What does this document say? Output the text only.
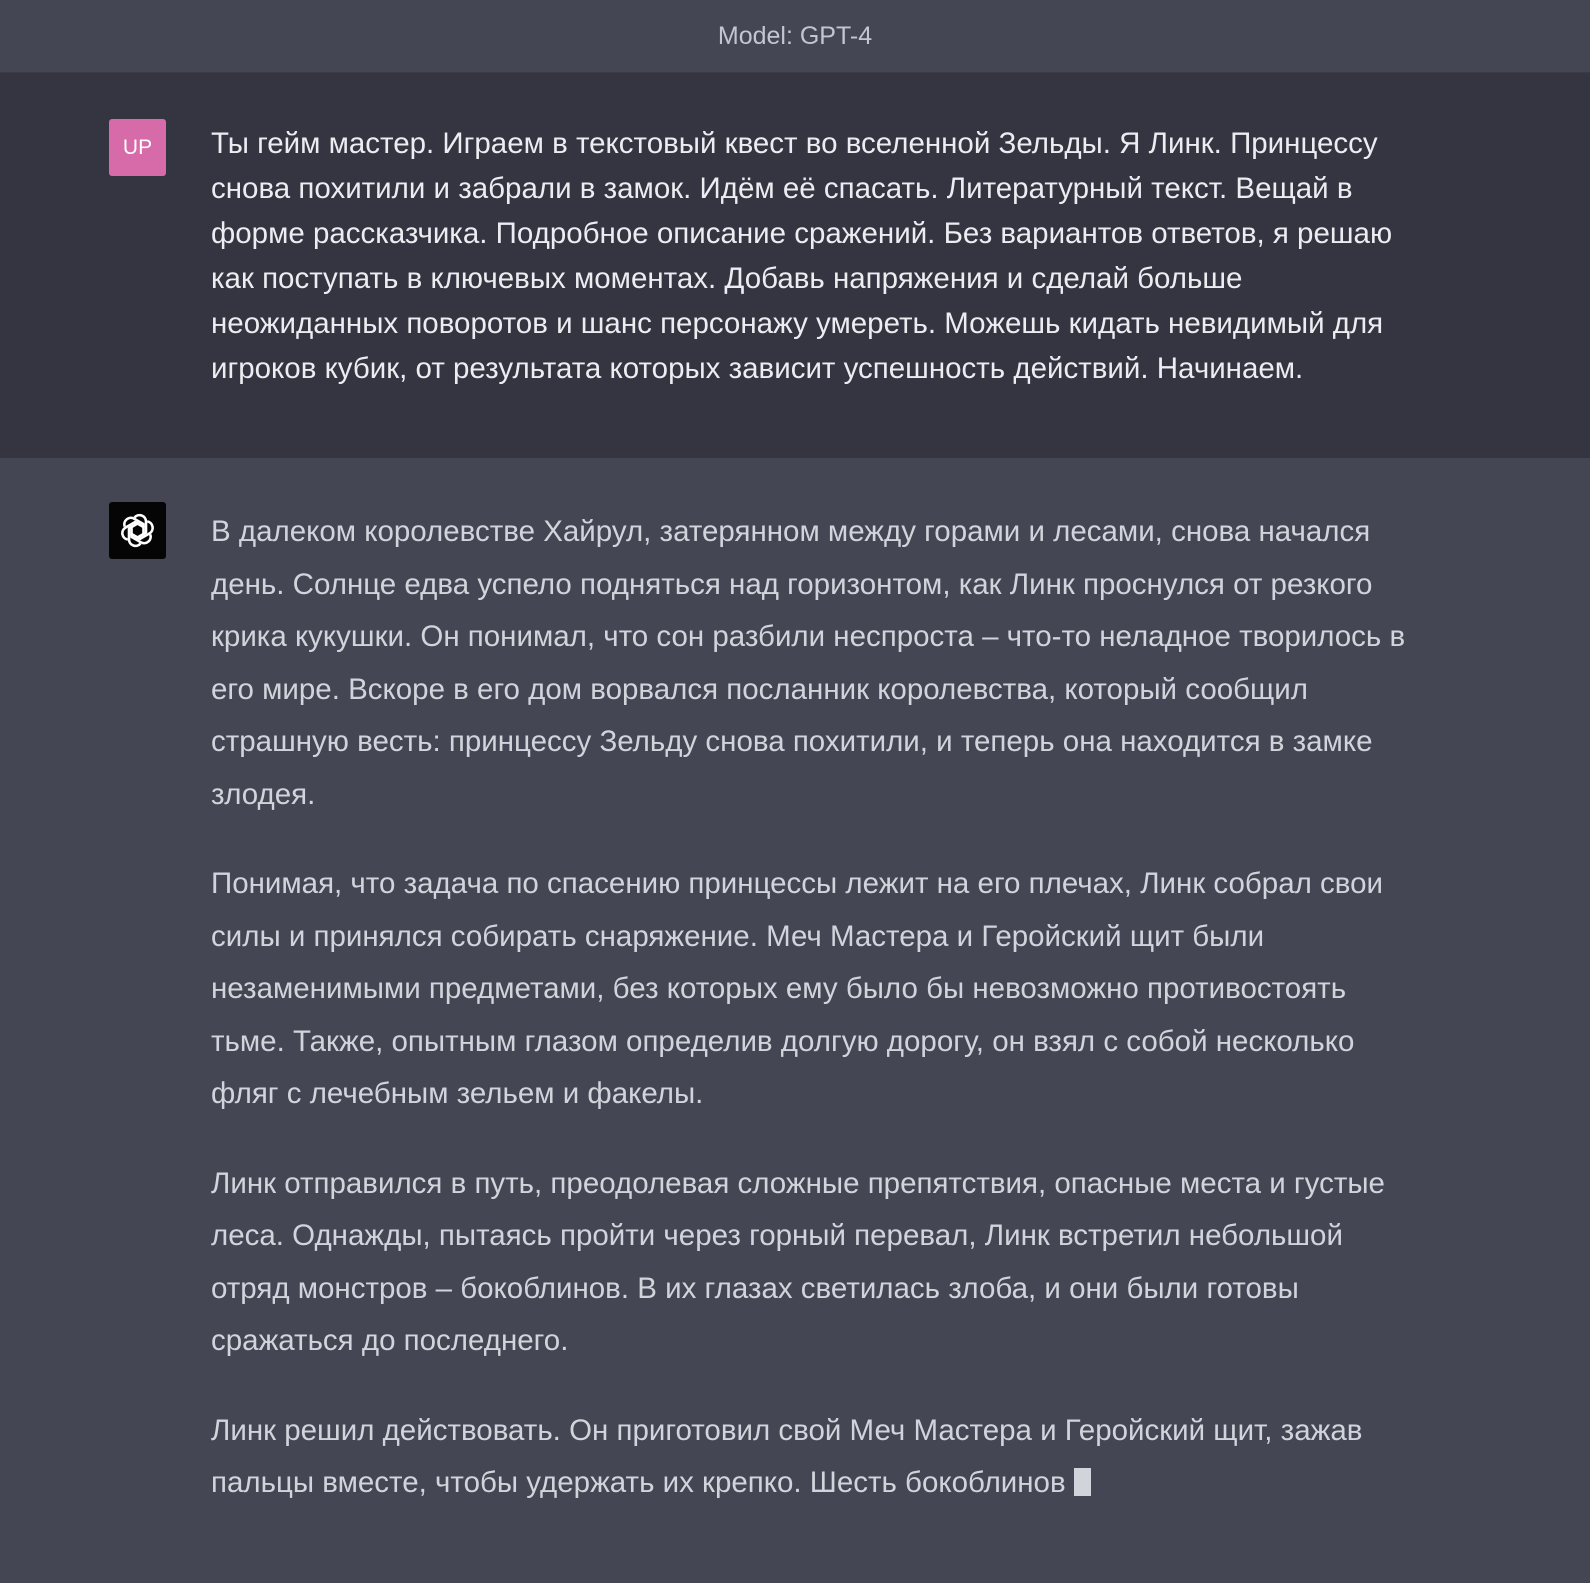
Model: GPT-4
UP Ты гейм мастер. Играем в текстовый квест во вселенной Зельды. Я Линк. Принцессу снова похитили и забрали в замок. Идём её спасать. Литературный текст. Вещай в форме рассказчика. Подробное описание сражений. Без вариантов ответов, я решаю как поступать в ключевых моментах. Добавь напряжения и сделай больше неожиданных поворотов и шанс персонажу умереть. Можешь кидать невидимый для игроков кубик, от результата которых зависит успешность действий. Начинаем.

В далеком королевстве Хайрул, затерянном между горами и лесами, снова начался день. Солнце едва успело подняться над горизонтом, как Линк проснулся от резкого крика кукушки. Он понимал, что сон разбили неспроста – что-то неладное творилось в его мире. Вскоре в его дом ворвался посланник королевства, который сообщил страшную весть: принцессу Зельду снова похитили, и теперь она находится в замке злодея.

Понимая, что задача по спасению принцессы лежит на его плечах, Линк собрал свои силы и принялся собирать снаряжение. Меч Мастера и Геройский щит были незаменимыми предметами, без которых ему было бы невозможно противостоять тьме. Также, опытным глазом определив долгую дорогу, он взял с собой несколько фляг с лечебным зельем и факелы.

Линк отправился в путь, преодолевая сложные препятствия, опасные места и густые леса. Однажды, пытаясь пройти через горный перевал, Линк встретил небольшой отряд монстров – бокоблинов. В их глазах светилась злоба, и они были готовы сражаться до последнего.

Линк решил действовать. Он приготовил свой Меч Мастера и Геройский щит, зажав пальцы вместе, чтобы удержать их крепко. Шесть бокоблинов
